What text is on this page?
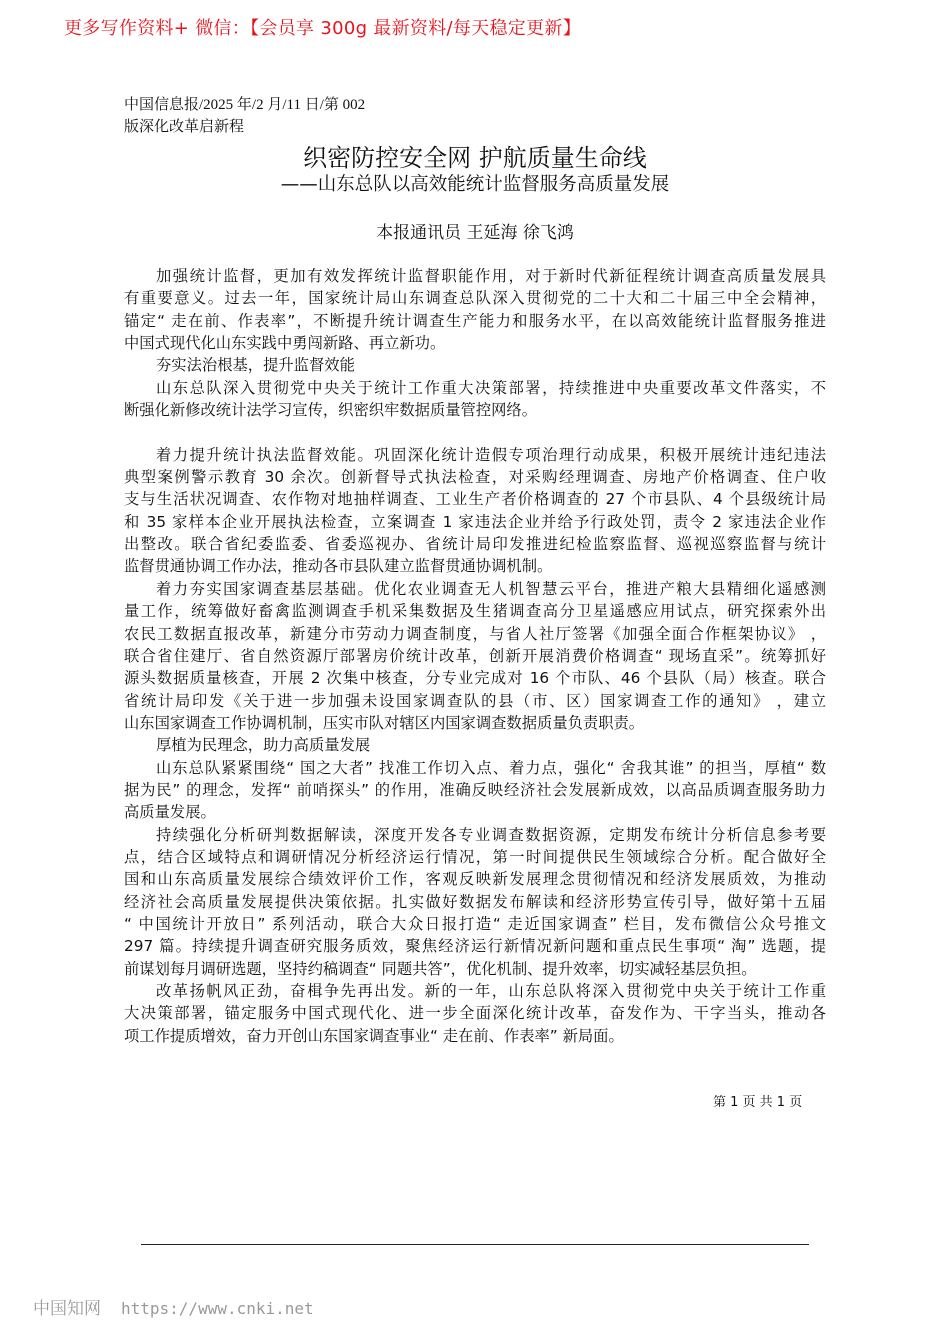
更多写作资料+ 微信：【会员享 300g 最新资料/每天稳定更新】
中国信息报/2025 年/2 月/11 日/第 002
版深化改革启新程
织密防控安全网 护航质量生命线
——山东总队以高效能统计监督服务高质量发展
本报通讯员 王延海 徐飞鸿
加强统计监督，更加有效发挥统计监督职能作用，对于新时代新征程统计调查高质量发展具
有重要意义。过去一年，国家统计局山东调查总队深入贯彻党的二十大和二十届三中全会精神，
锚定“ 走在前、作表率”，不断提升统计调查生产能力和服务水平，在以高效能统计监督服务推进
中国式现代化山东实践中勇闯新路、再立新功。
夯实法治根基，提升监督效能
山东总队深入贯彻党中央关于统计工作重大决策部署，持续推进中央重要改革文件落实，不
断强化新修改统计法学习宣传，织密织牢数据质量管控网络。
着力提升统计执法监督效能。巩固深化统计造假专项治理行动成果，积极开展统计违纪违法
典型案例警示教育 30 余次。创新督导式执法检查，对采购经理调查、房地产价格调查、住户收
支与生活状况调查、农作物对地抽样调查、工业生产者价格调查的 27 个市县队、4 个县级统计局
和 35 家样本企业开展执法检查，立案调查 1 家违法企业并给予行政处罚，责令 2 家违法企业作
出整改。联合省纪委监委、省委巡视办、省统计局印发推进纪检监察监督、巡视巡察监督与统计
监督贯通协调工作办法，推动各市县队建立监督贯通协调机制。
着力夯实国家调查基层基础。优化农业调查无人机智慧云平台，推进产粮大县精细化遥感测
量工作，统筹做好畜禽监测调查手机采集数据及生猪调查高分卫星遥感应用试点，研究探索外出
农民工数据直报改革，新建分市劳动力调查制度，与省人社厅签署《加强全面合作框架协议》 ，
联合省住建厅、省自然资源厅部署房价统计改革，创新开展消费价格调查“ 现场直采”。统筹抓好
源头数据质量核查，开展 2 次集中核查，分专业完成对 16 个市队、46 个县队（局）核查。联合
省统计局印发《关于进一步加强未设国家调查队的县（市、区）国家调查工作的通知》 ，建立
山东国家调查工作协调机制，压实市队对辖区内国家调查数据质量负责职责。
厚植为民理念，助力高质量发展
山东总队紧紧围绕“ 国之大者” 找准工作切入点、着力点，强化“ 舍我其谁” 的担当，厚植“ 数
据为民” 的理念，发挥“ 前哨探头” 的作用，准确反映经济社会发展新成效，以高品质调查服务助力
高质量发展。
持续强化分析研判数据解读，深度开发各专业调查数据资源，定期发布统计分析信息参考要
点，结合区域特点和调研情况分析经济运行情况，第一时间提供民生领域综合分析。配合做好全
国和山东高质量发展综合绩效评价工作，客观反映新发展理念贯彻情况和经济发展质效，为推动
经济社会高质量发展提供决策依据。扎实做好数据发布解读和经济形势宣传引导，做好第十五届
“ 中国统计开放日” 系列活动，联合大众日报打造“ 走近国家调查” 栏目，发布微信公众号推文
297 篇。持续提升调查研究服务质效，聚焦经济运行新情况新问题和重点民生事项“ 淘” 选题，提
前谋划每月调研选题，坚持约稿调查“ 同题共答”，优化机制、提升效率，切实减轻基层负担。
改革扬帆风正劲，奋楫争先再出发。新的一年，山东总队将深入贯彻党中央关于统计工作重
大决策部署，锚定服务中国式现代化、进一步全面深化统计改革，奋发作为、干字当头，推动各
项工作提质增效，奋力开创山东国家调查事业“ 走在前、作表率” 新局面。
第 1 页 共 1 页
中国知网 https://www.cnki.net
